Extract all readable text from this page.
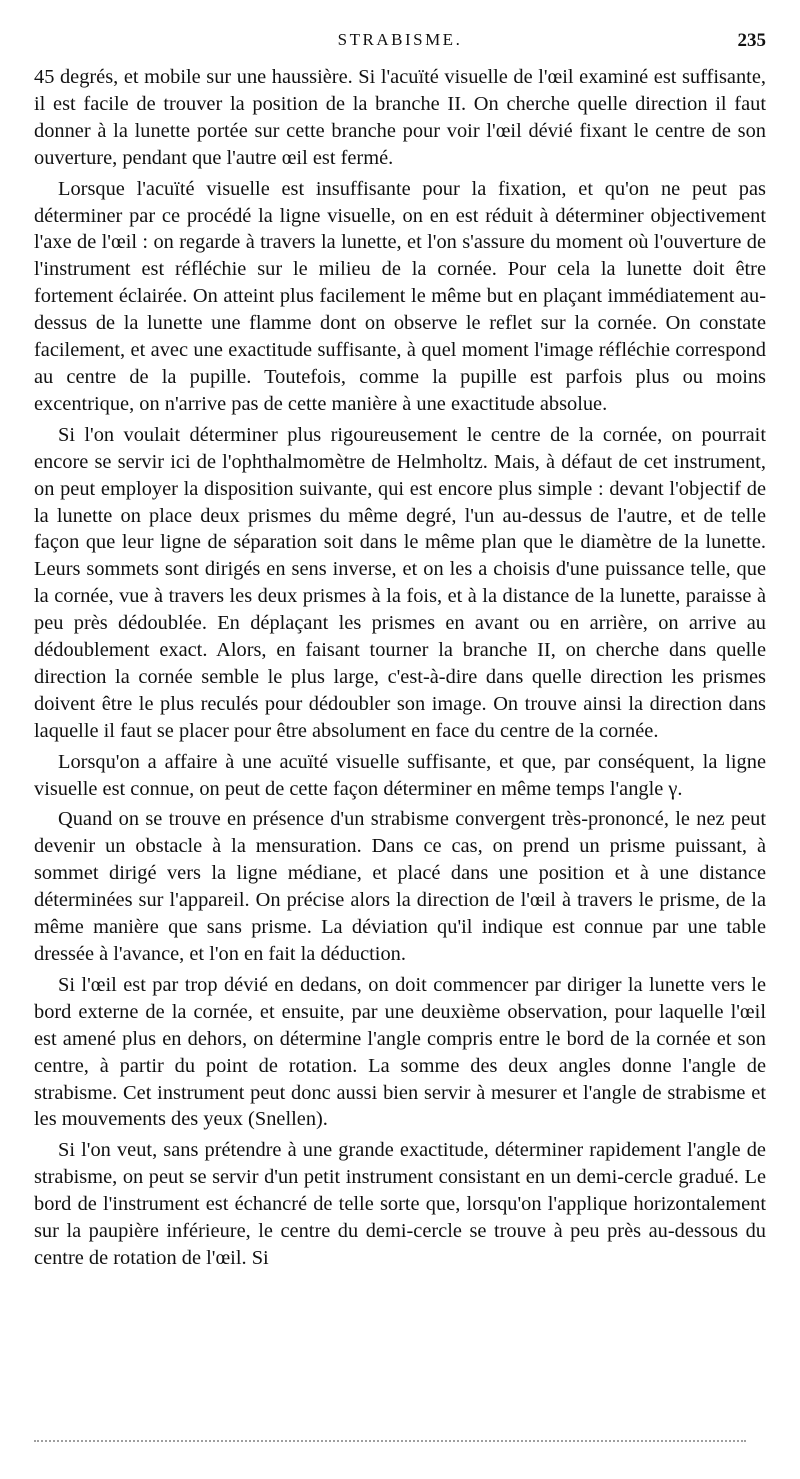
STRABISME.	235

45 degrés, et mobile sur une haussière. Si l'acuïté visuelle de l'œil examiné est suffisante, il est facile de trouver la position de la branche II. On cherche quelle direction il faut donner à la lunette portée sur cette branche pour voir l'œil dévié fixant le centre de son ouverture, pendant que l'autre œil est fermé.

Lorsque l'acuïté visuelle est insuffisante pour la fixation, et qu'on ne peut pas déterminer par ce procédé la ligne visuelle, on en est réduit à déterminer objectivement l'axe de l'œil : on regarde à travers la lunette, et l'on s'assure du moment où l'ouverture de l'instrument est réfléchie sur le milieu de la cornée. Pour cela la lunette doit être fortement éclairée. On atteint plus facilement le même but en plaçant immédiatement au-dessus de la lunette une flamme dont on observe le reflet sur la cornée. On constate facilement, et avec une exactitude suffisante, à quel moment l'image réfléchie correspond au centre de la pupille. Toutefois, comme la pupille est parfois plus ou moins excentrique, on n'arrive pas de cette manière à une exactitude absolue.

Si l'on voulait déterminer plus rigoureusement le centre de la cornée, on pourrait encore se servir ici de l'ophthalmomètre de Helmholtz. Mais, à défaut de cet instrument, on peut employer la disposition suivante, qui est encore plus simple : devant l'objectif de la lunette on place deux prismes du même degré, l'un au-dessus de l'autre, et de telle façon que leur ligne de séparation soit dans le même plan que le diamètre de la lunette. Leurs sommets sont dirigés en sens inverse, et on les a choisis d'une puissance telle, que la cornée, vue à travers les deux prismes à la fois, et à la distance de la lunette, paraisse à peu près dédoublée. En déplaçant les prismes en avant ou en arrière, on arrive au dédoublement exact. Alors, en faisant tourner la branche II, on cherche dans quelle direction la cornée semble le plus large, c'est-à-dire dans quelle direction les prismes doivent être le plus reculés pour dédoubler son image. On trouve ainsi la direction dans laquelle il faut se placer pour être absolument en face du centre de la cornée.

Lorsqu'on a affaire à une acuïté visuelle suffisante, et que, par conséquent, la ligne visuelle est connue, on peut de cette façon déterminer en même temps l'angle γ.

Quand on se trouve en présence d'un strabisme convergent très-prononcé, le nez peut devenir un obstacle à la mensuration. Dans ce cas, on prend un prisme puissant, à sommet dirigé vers la ligne médiane, et placé dans une position et à une distance déterminées sur l'appareil. On précise alors la direction de l'œil à travers le prisme, de la même manière que sans prisme. La déviation qu'il indique est connue par une table dressée à l'avance, et l'on en fait la déduction.

Si l'œil est par trop dévié en dedans, on doit commencer par diriger la lunette vers le bord externe de la cornée, et ensuite, par une deuxième observation, pour laquelle l'œil est amené plus en dehors, on détermine l'angle compris entre le bord de la cornée et son centre, à partir du point de rotation. La somme des deux angles donne l'angle de strabisme. Cet instrument peut donc aussi bien servir à mesurer et l'angle de strabisme et les mouvements des yeux (Snellen).

Si l'on veut, sans prétendre à une grande exactitude, déterminer rapidement l'angle de strabisme, on peut se servir d'un petit instrument consistant en un demi-cercle gradué. Le bord de l'instrument est échancré de telle sorte que, lorsqu'on l'applique horizontalement sur la paupière inférieure, le centre du demi-cercle se trouve à peu près au-dessous du centre de rotation de l'œil. Si
